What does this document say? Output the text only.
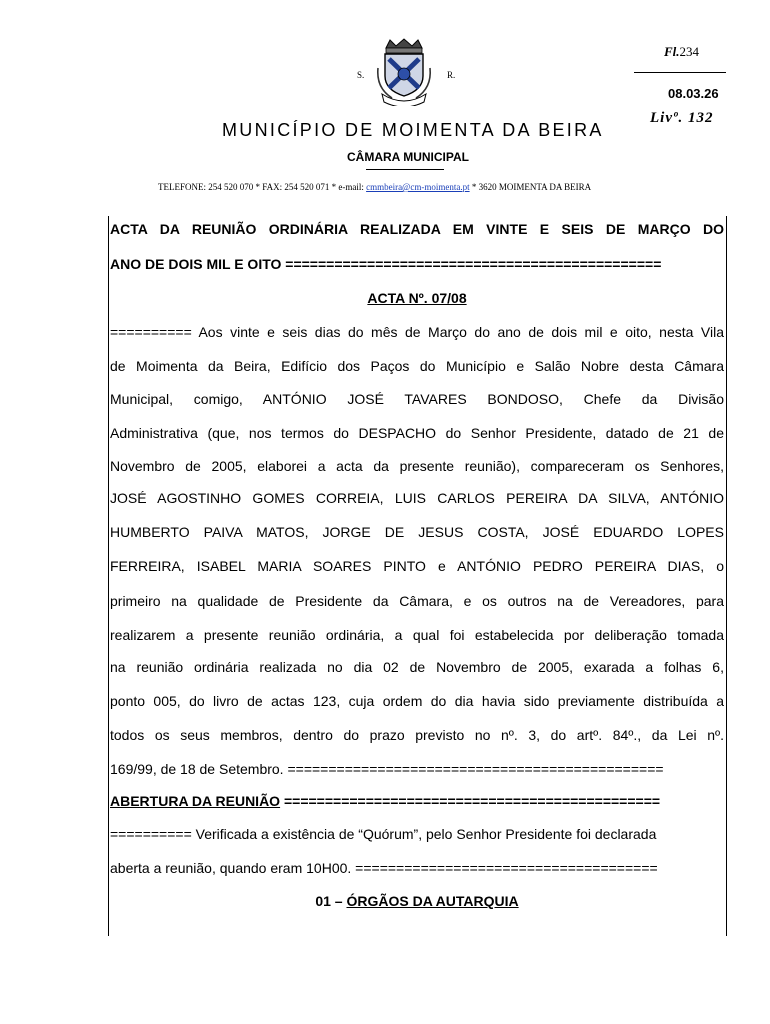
S.	R.
Fl.234
08.03.26
Livº. 132
MUNICÍPIO DE MOIMENTA DA BEIRA
CÂMARA MUNICIPAL
TELEFONE: 254 520 070 * FAX: 254 520 071 * e-mail: cmmbeira@cm-moimenta.pt * 3620 MOIMENTA DA BEIRA
ACTA DA REUNIÃO ORDINÁRIA REALIZADA EM VINTE E SEIS DE MARÇO DO
ANO DE DOIS MIL E OITO ==============================================
ACTA Nº. 07/08
========== Aos vinte e seis dias do mês de Março do ano de dois mil e oito, nesta Vila
de Moimenta da Beira, Edifício dos Paços do Município e Salão Nobre desta Câmara
Municipal, comigo, ANTÓNIO JOSÉ TAVARES BONDOSO, Chefe da Divisão
Administrativa (que, nos termos do DESPACHO do Senhor Presidente, datado de 21 de
Novembro de 2005, elaborei a acta da presente reunião), compareceram os Senhores,
JOSÉ AGOSTINHO GOMES CORREIA, LUIS CARLOS PEREIRA DA SILVA, ANTÓNIO
HUMBERTO PAIVA MATOS, JORGE DE JESUS COSTA, JOSÉ EDUARDO LOPES
FERREIRA, ISABEL MARIA SOARES PINTO e ANTÓNIO PEDRO PEREIRA DIAS, o
primeiro na qualidade de Presidente da Câmara, e os outros na de Vereadores, para
realizarem a presente reunião ordinária, a qual foi estabelecida por deliberação tomada
na reunião ordinária realizada no dia 02 de Novembro de 2005, exarada a folhas 6,
ponto 005, do livro de actas 123, cuja ordem do dia havia sido previamente distribuída a
todos os seus membros, dentro do prazo previsto no nº. 3, do artº. 84º., da Lei nº.
169/99, de 18 de Setembro. ==============================================
ABERTURA DA REUNIÃO ==============================================
========== Verificada a existência de “Quórum”, pelo Senhor Presidente foi declarada
aberta a reunião, quando eram 10H00. =====================================
01 – ÓRGÃOS DA AUTARQUIA
